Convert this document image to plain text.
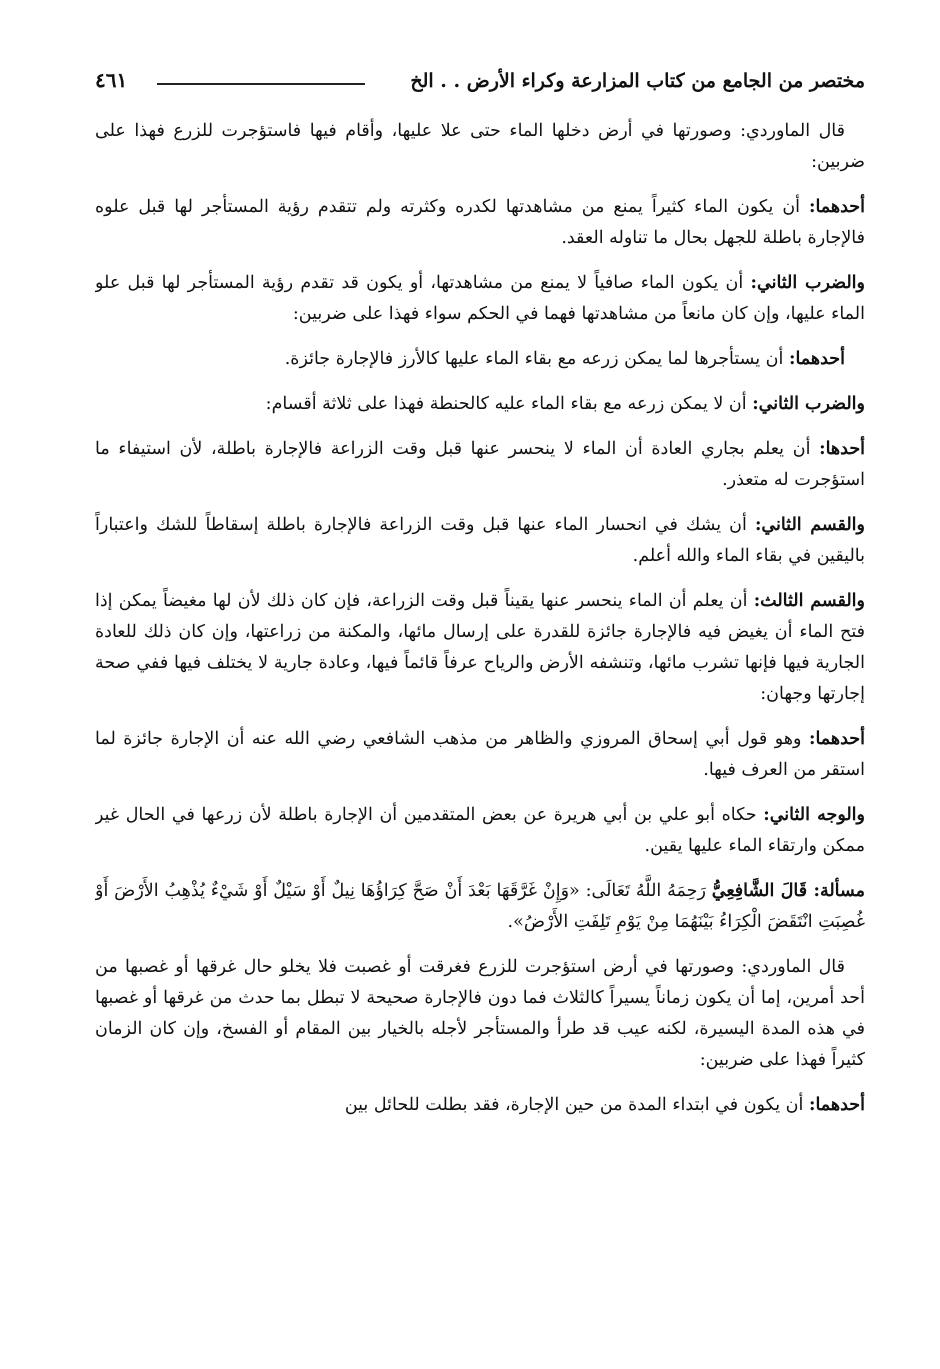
مختصر من الجامع من كتاب المزارعة وكراء الأرض . . الخ
٤٦١

قال الماوردي: وصورتها في أرض دخلها الماء حتى علا عليها، وأقام فيها فاستؤجرت للزرع فهذا على ضربين:

أحدهما: أن يكون الماء كثيراً يمنع من مشاهدتها لكدره وكثرته ولم تتقدم رؤية المستأجر لها قبل علوه فالإجارة باطلة للجهل بحال ما تناوله العقد.

والضرب الثاني: أن يكون الماء صافياً لا يمنع من مشاهدتها، أو يكون قد تقدم رؤية المستأجر لها قبل علو الماء عليها، وإن كان مانعاً من مشاهدتها فهما في الحكم سواء فهذا على ضربين:

أحدهما: أن يستأجرها لما يمكن زرعه مع بقاء الماء عليها كالأرز فالإجارة جائزة.

والضرب الثاني: أن لا يمكن زرعه مع بقاء الماء عليه كالحنطة فهذا على ثلاثة أقسام:

أحدها: أن يعلم بجاري العادة أن الماء لا ينحسر عنها قبل وقت الزراعة فالإجارة باطلة، لأن استيفاء ما استؤجرت له متعذر.

والقسم الثاني: أن يشك في انحسار الماء عنها قبل وقت الزراعة فالإجارة باطلة إسقاطاً للشك واعتباراً باليقين في بقاء الماء والله أعلم.

والقسم الثالث: أن يعلم أن الماء ينحسر عنها يقيناً قبل وقت الزراعة، فإن كان ذلك لأن لها مغيضاً يمكن إذا فتح الماء أن يغيض فيه فالإجارة جائزة للقدرة على إرسال مائها، والمكنة من زراعتها، وإن كان ذلك للعادة الجارية فيها فإنها تشرب مائها، وتنشفه الأرض والرياح عرفاً قائماً فيها، وعادة جارية لا يختلف فيها ففي صحة إجارتها وجهان:

أحدهما: وهو قول أبي إسحاق المروزي والظاهر من مذهب الشافعي رضي الله عنه أن الإجارة جائزة لما استقر من العرف فيها.

والوجه الثاني: حكاه أبو علي بن أبي هريرة عن بعض المتقدمين أن الإجارة باطلة لأن زرعها في الحال غير ممكن وارتقاء الماء عليها يقين.

مسألة: قَالَ الشَّافِعِيُّ رَحِمَهُ اللَّهُ تَعَالَى: «وَإِنْ غَرَّقَهَا بَعْدَ أَنْ صَحَّ كِرَاؤُهَا نِيلٌ أَوْ سَيْلٌ أَوْ شَيْءٌ يُذْهِبُ الأَرْضَ أَوْ غُصِبَتِ انْتَقَضَ الْكِرَاءُ بَيْنَهُمَا مِنْ يَوْمِ تَلِفَتِ الأَرْضُ».

قال الماوردي: وصورتها في أرض استؤجرت للزرع فغرقت أو غصبت فلا يخلو حال غرقها أو غصبها من أحد أمرين، إما أن يكون زماناً يسيراً كالثلاث فما دون فالإجارة صحيحة لا تبطل بما حدث من غرقها أو غصبها في هذه المدة اليسيرة، لكنه عيب قد طرأ والمستأجر لأجله بالخيار بين المقام أو الفسخ، وإن كان الزمان كثيراً فهذا على ضربين:

أحدهما: أن يكون في ابتداء المدة من حين الإجارة، فقد بطلت للحائل بين
